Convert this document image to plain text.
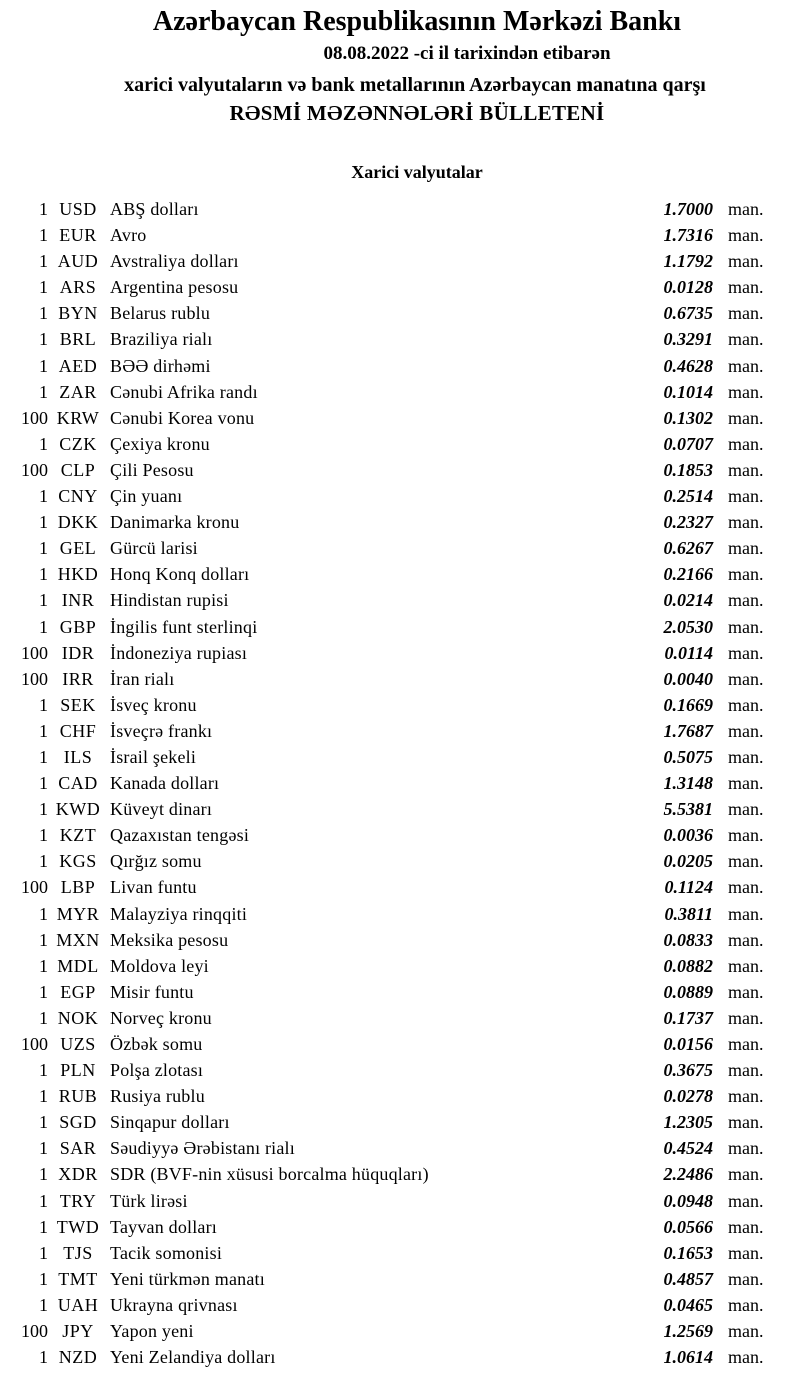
Azərbaycan Respublikasının Mərkəzi Bankı
08.08.2022 -ci il tarixindən etibarən
xarici valyutaların və bank metallarının Azərbaycan manatına qarşı
RƏSMİ MƏZƏNNƏLƏRİ BÜLLETENİ
Xarici valyutalar
1 USD ABŞ dolları	1.7000 man.
1 EUR Avro	1.7316 man.
1 AUD Avstraliya dolları	1.1792 man.
1 ARS Argentina pesosu	0.0128 man.
1 BYN Belarus rublu	0.6735 man.
1 BRL Braziliya rialı	0.3291 man.
1 AED BƏƏ dirhəmi	0.4628 man.
1 ZAR Cənubi Afrika randı	0.1014 man.
100 KRW Cənubi Korea vonu	0.1302 man.
1 CZK Çexiya kronu	0.0707 man.
100 CLP Çili Pesosu	0.1853 man.
1 CNY Çin yuanı	0.2514 man.
1 DKK Danimarka kronu	0.2327 man.
1 GEL Gürcü larisi	0.6267 man.
1 HKD Honq Konq dolları	0.2166 man.
1 INR Hindistan rupisi	0.0214 man.
1 GBP İngilis funt sterlinqi	2.0530 man.
100 IDR İndoneziya rupiası	0.0114 man.
100 IRR İran rialı	0.0040 man.
1 SEK İsveç kronu	0.1669 man.
1 CHF İsveçrə frankı	1.7687 man.
1 ILS İsrail şekeli	0.5075 man.
1 CAD Kanada dolları	1.3148 man.
1 KWD Küveyt dinarı	5.5381 man.
1 KZT Qazaxıstan tengəsi	0.0036 man.
1 KGS Qırğız somu	0.0205 man.
100 LBP Livan funtu	0.1124 man.
1 MYR Malayziya rinqqiti	0.3811 man.
1 MXN Meksika pesosu	0.0833 man.
1 MDL Moldova leyi	0.0882 man.
1 EGP Misir funtu	0.0889 man.
1 NOK Norveç kronu	0.1737 man.
100 UZS Özbək somu	0.0156 man.
1 PLN Polşa zlotası	0.3675 man.
1 RUB Rusiya rublu	0.0278 man.
1 SGD Sinqapur dolları	1.2305 man.
1 SAR Səudiyyə Ərəbistanı rialı	0.4524 man.
1 XDR SDR (BVF-nin xüsusi borcalma hüquqları)	2.2486 man.
1 TRY Türk lirəsi	0.0948 man.
1 TWD Tayvan dolları	0.0566 man.
1 TJS Tacik somonisi	0.1653 man.
1 TMT Yeni türkmən manatı	0.4857 man.
1 UAH Ukrayna qrivnası	0.0465 man.
100 JPY Yapon yeni	1.2569 man.
1 NZD Yeni Zelandiya dolları	1.0614 man.
